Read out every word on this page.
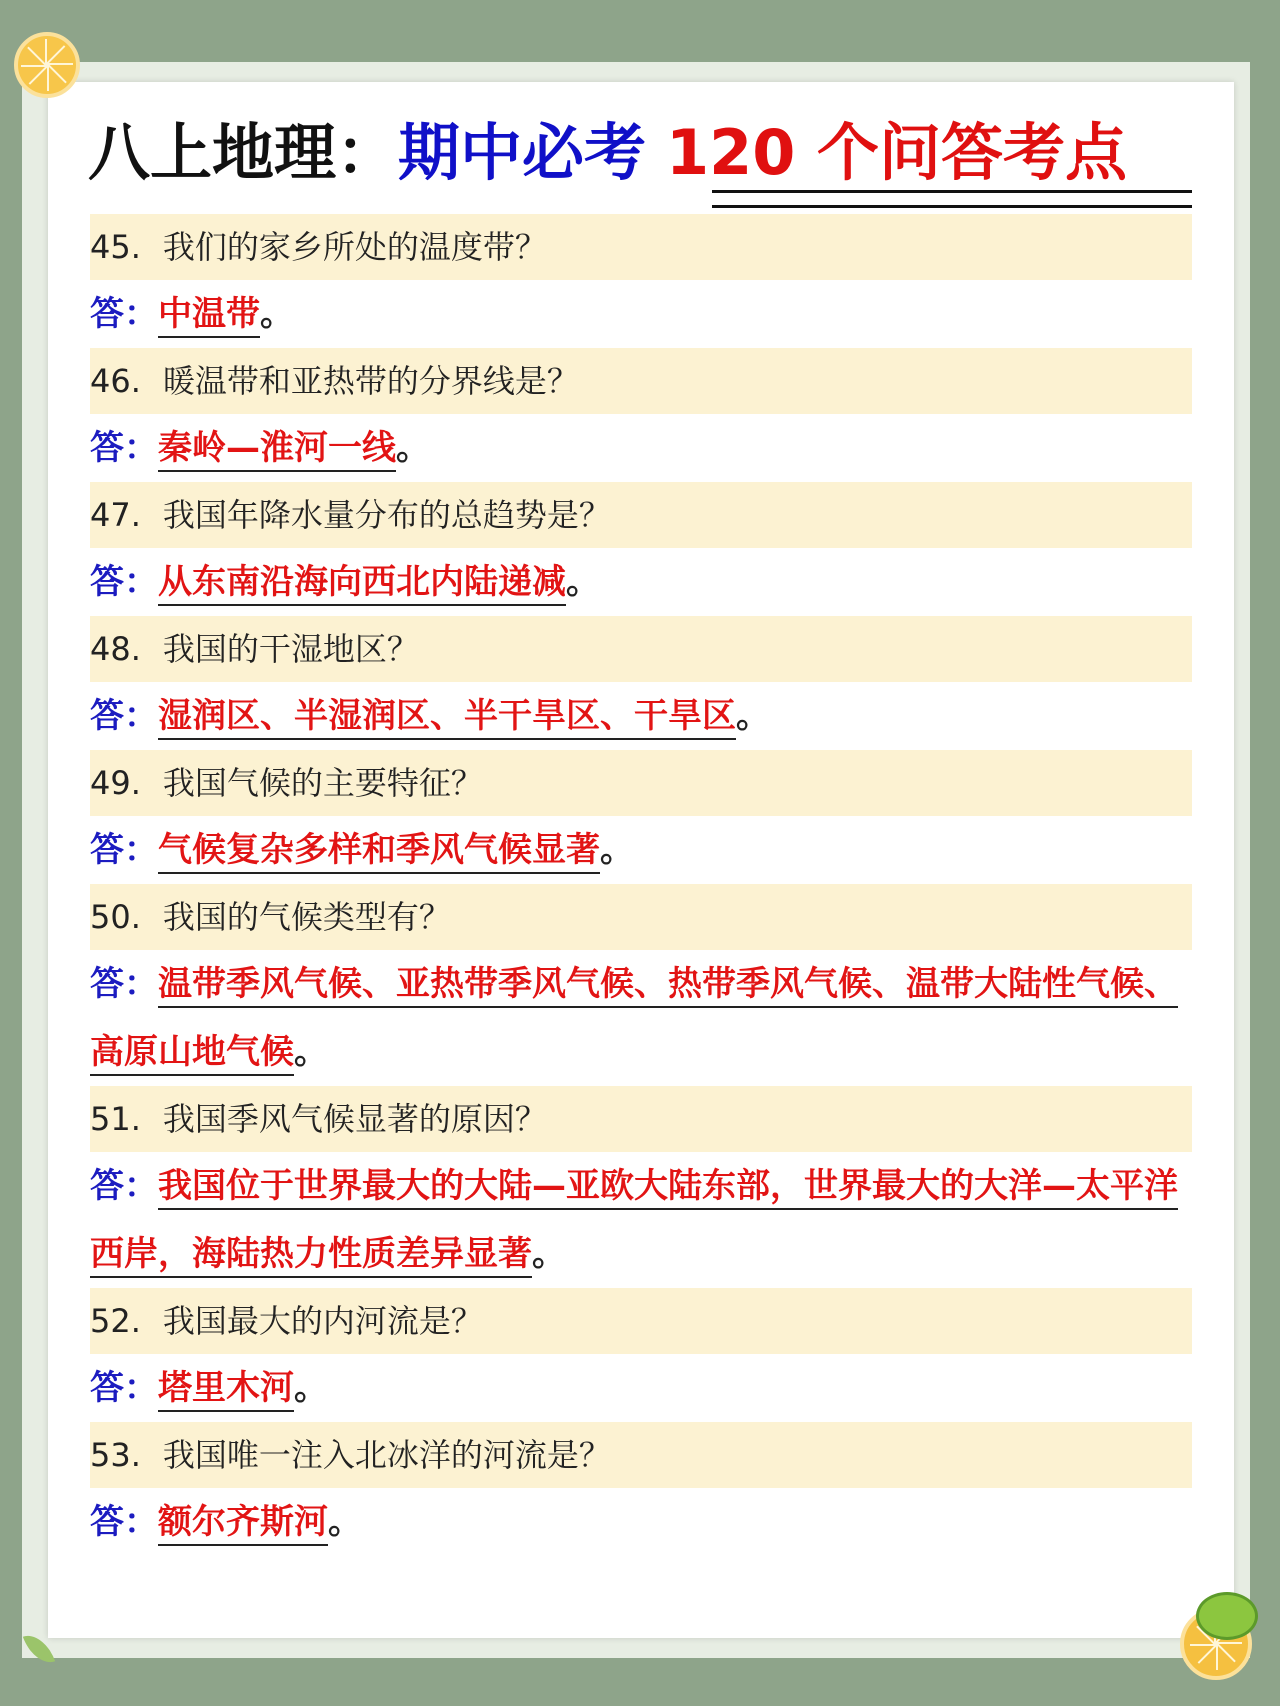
八上地理： 期中必考 120 个问答考点
45. 我们的家乡所处的温度带？
答：中温带。
46. 暖温带和亚热带的分界线是？
答：秦岭—淮河一线。
47. 我国年降水量分布的总趋势是？
答：从东南沿海向西北内陆递减。
48. 我国的干湿地区？
答：湿润区、半湿润区、半干旱区、干旱区。
49. 我国气候的主要特征？
答：气候复杂多样和季风气候显著。
50. 我国的气候类型有？
答：温带季风气候、亚热带季风气候、热带季风气候、温带大陆性气候、高原山地气候。
51. 我国季风气候显著的原因？
答：我国位于世界最大的大陆—亚欧大陆东部，世界最大的大洋—太平洋西岸，海陆热力性质差异显著。
52. 我国最大的内河流是？
答：塔里木河。
53. 我国唯一注入北冰洋的河流是？
答：额尔齐斯河。
